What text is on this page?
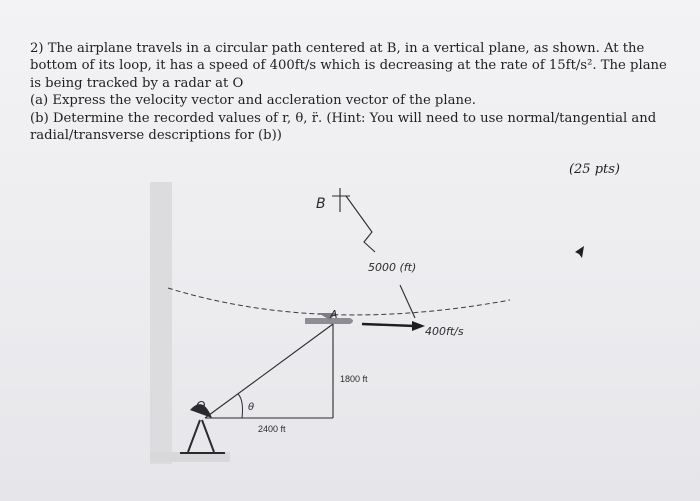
2) The airplane travels in a circular path centered at B, in a vertical plane, as shown. At the

bottom of its loop, it has a speed of 400ft/s which is decreasing at the rate of 15ft/s². The plane

is being tracked by a radar at O

(a) Express the velocity vector and accleration vector of the plane.

(b) Determine the recorded values of r, θ, r̈. (Hint: You will need to use normal/tangential and

radial/transverse descriptions for (b))

(25 pts)
B
A
O	θ
5000 (ft)
400ft/s
1800 ft
2400 ft
